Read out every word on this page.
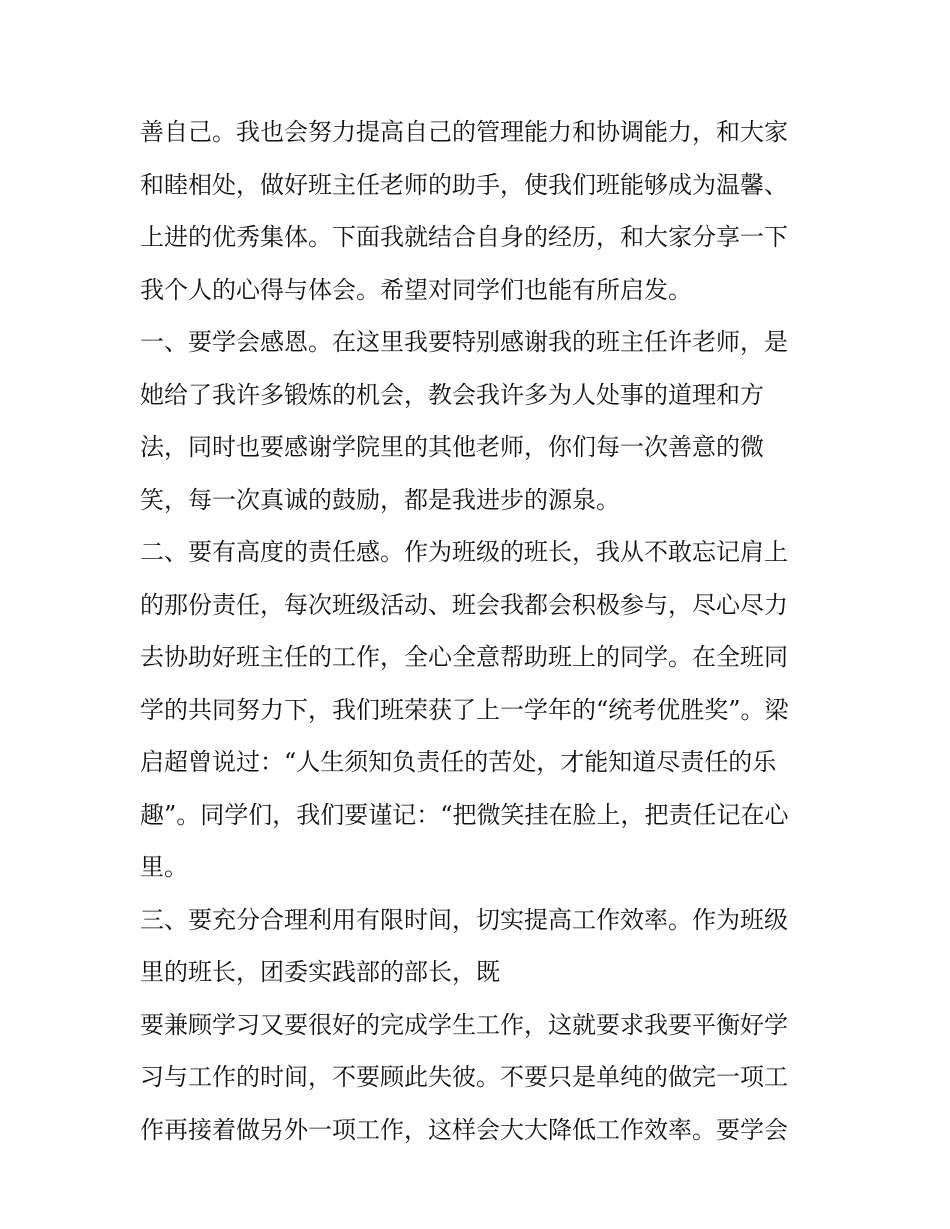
善自己。我也会努力提高自己的管理能力和协调能力，和大家
和睦相处，做好班主任老师的助手，使我们班能够成为温馨、
上进的优秀集体。下面我就结合自身的经历，和大家分享一下
我个人的心得与体会。希望对同学们也能有所启发。
一、要学会感恩。在这里我要特别感谢我的班主任许老师，是
她给了我许多锻炼的机会，教会我许多为人处事的道理和方
法，同时也要感谢学院里的其他老师，你们每一次善意的微
笑，每一次真诚的鼓励，都是我进步的源泉。
二、要有高度的责任感。作为班级的班长，我从不敢忘记肩上
的那份责任，每次班级活动、班会我都会积极参与，尽心尽力
去协助好班主任的工作，全心全意帮助班上的同学。在全班同
学的共同努力下，我们班荣获了上一学年的“统考优胜奖”。梁
启超曾说过：“人生须知负责任的苦处，才能知道尽责任的乐
趣”。同学们，我们要谨记：“把微笑挂在脸上，把责任记在心
里。
三、要充分合理利用有限时间，切实提高工作效率。作为班级
里的班长，团委实践部的部长，既
要兼顾学习又要很好的完成学生工作，这就要求我要平衡好学
习与工作的时间，不要顾此失彼。不要只是单纯的做完一项工
作再接着做另外一项工作，这样会大大降低工作效率。要学会
